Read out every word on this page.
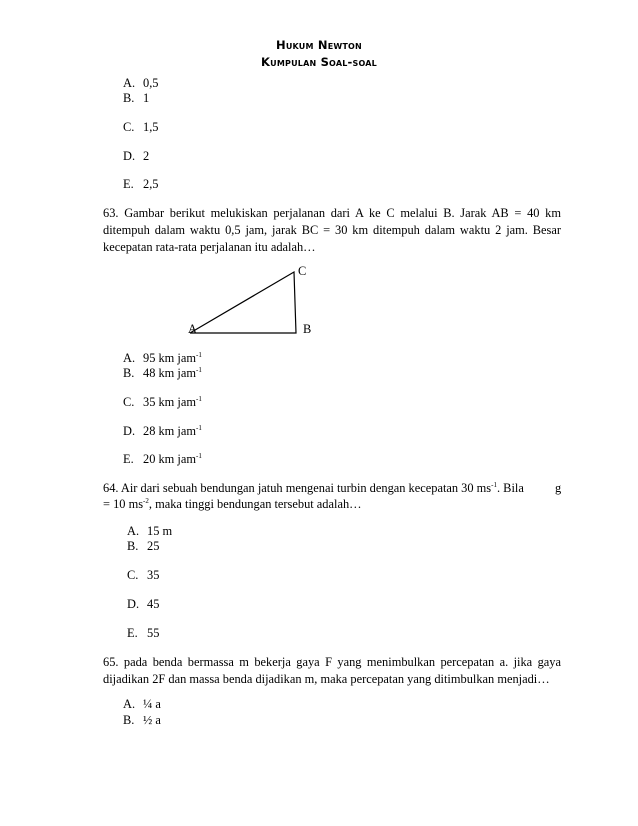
Hukum Newton
Kumpulan Soal-soal
A. 0,5
B. 1
C. 1,5
D. 2
E. 2,5
63. Gambar berikut melukiskan perjalanan dari A ke C melalui B. Jarak AB = 40 km
ditempuh dalam waktu 0,5 jam, jarak BC = 30 km ditempuh dalam waktu 2 jam. Besar
kecepatan rata-rata perjalanan itu adalah…
C
A	B
A. 95 km jam$^{-1}$
B. 48 km jam$^{-1}$
C. 35 km jam$^{-1}$
D. 28 km jam$^{-1}$
E. 20 km jam$^{-1}$
64. Air dari sebuah bendungan jatuh mengenai turbin dengan kecepatan 30 $ms^{-1}$. Bila	g
= 10 $ms^{-2}$, maka tinggi bendungan tersebut adalah…
A. 15 m
B. 25
C. 35
D. 45
E. 55
65. pada benda bermassa m bekerja gaya F yang menimbulkan percepatan a. jika gaya
dijadikan 2F dan massa benda dijadikan m, maka percepatan yang ditimbulkan menjadi…
A. ¼ a
B. ½ a
